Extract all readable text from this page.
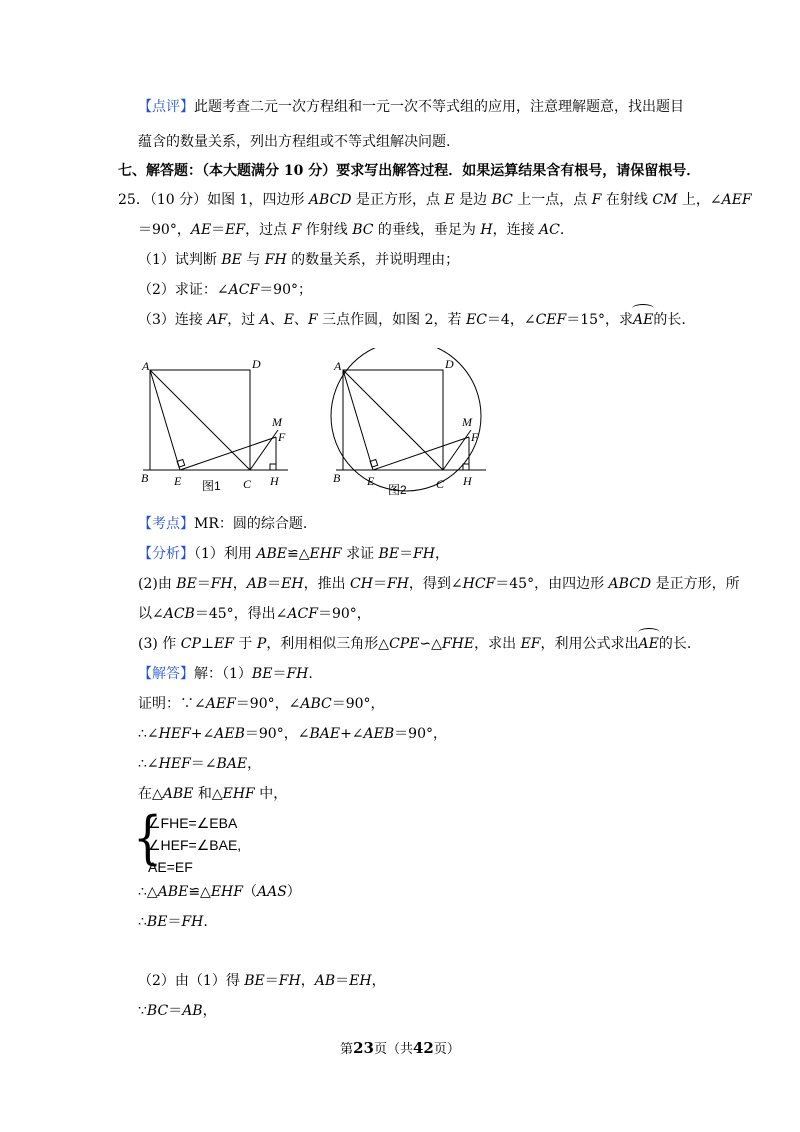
【点评】此题考查二元一次方程组和一元一次不等式组的应用，注意理解题意，找出题目
蕴含的数量关系，列出方程组或不等式组解决问题.
七、解答题：（本大题满分 10 分）要求写出解答过程．如果运算结果含有根号，请保留根号．
25．（10 分）如图 1，四边形 ABCD 是正方形，点 E 是边 BC 上一点，点 F 在射线 CM 上，∠AEF
＝90°，AE＝EF，过点 F 作射线 BC 的垂线，垂足为 H，连接 AC.
（1）试判断 BE 与 FH 的数量关系，并说明理由；
（2）求证：∠ACF＝90°；
（3）连接 AF，过 A、E、F 三点作圆，如图 2，若 EC＝4，∠CEF＝15°，求AE的长.
A	D
B E	C H
F
M
图1
A	D
B E	C H
F
M
图2
【考点】MR：圆的综合题.
【分析】（1）利用 ABE≌△EHF 求证 BE＝FH，
(2)由 BE＝FH，AB＝EH，推出 CH＝FH，得到∠HCF＝45°，由四边形 ABCD 是正方形，所
以∠ACB＝45°，得出∠ACF＝90°，
(3) 作 CP⊥EF 于 P，利用相似三角形△CPE∽△FHE，求出 EF，利用公式求出AE的长.
【解答】解：（1）BE＝FH.
证明：∵∠AEF＝90°，∠ABC＝90°，
∴∠HEF+∠AEB＝90°，∠BAE+∠AEB＝90°，
∴∠HEF＝∠BAE，
在△ABE 和△EHF 中，
{
∠FHE=∠EBA
∠HEF=∠BAE,
AE=EF
∴△ABE≌△EHF（AAS）
∴BE＝FH.
（2）由（1）得 BE＝FH，AB＝EH，
∵BC＝AB，
第23页（共42页）
